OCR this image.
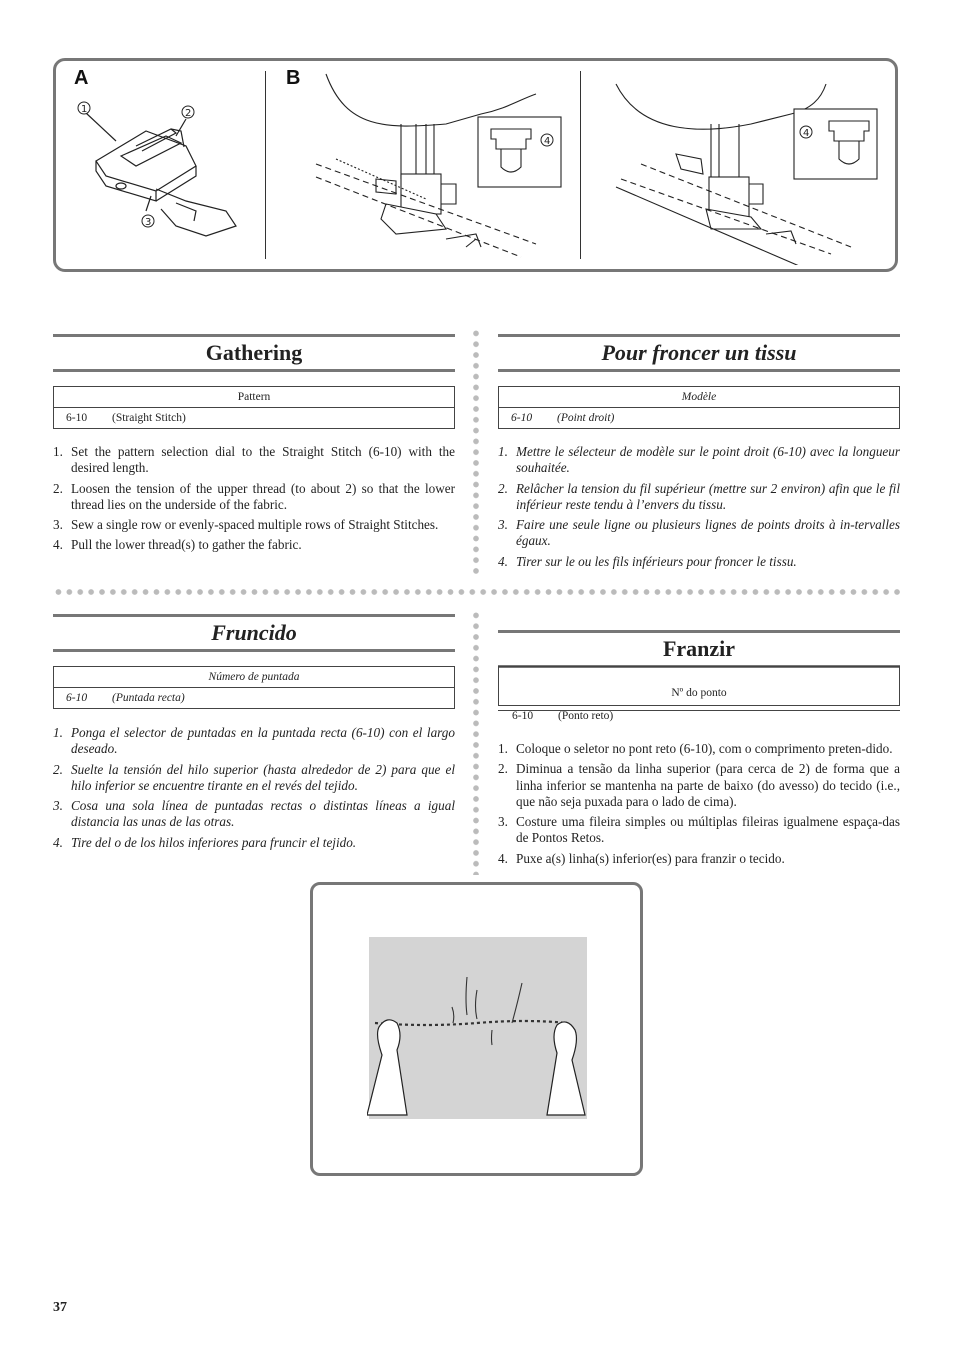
A	B
1	2
3
4
4
Gathering
Pattern
6-10 (Straight Stitch)
1. Set the pattern selection dial to the Straight Stitch (6-10) with the desired length.
2. Loosen the tension of the upper thread (to about 2) so that the lower thread lies on the underside of the fabric.
3. Sew a single row or evenly-spaced multiple rows of Straight Stitches.
4. Pull the lower thread(s) to gather the fabric.
Pour froncer un tissu
Modèle
6-10 (Point droit)
1. Mettre le sélecteur de modèle sur le point droit (6-10) avec la longueur souhaitée.
2. Relâcher la tension du fil supérieur (mettre sur 2 environ) afin que le fil inférieur reste tendu à l’envers du tissu.
3. Faire une seule ligne ou plusieurs lignes de points droits à in-tervalles égaux.
4. Tirer sur le ou les fils inférieurs pour froncer le tissu.
Fruncido
Número de puntada
6-10 (Puntada recta)
1. Ponga el selector de puntadas en la puntada recta (6-10) con el largo deseado.
2. Suelte la tensión del hilo superior (hasta alrededor de 2) para que el hilo inferior se encuentre tirante en el revés del tejido.
3. Cosa una sola línea de puntadas rectas o distintas líneas a igual distancia las unas de las otras.
4. Tire del o de los hilos inferiores para fruncir el tejido.
Franzir
Nº do ponto
6-10 (Ponto reto)
1. Coloque o seletor no pont reto (6-10), com o comprimento preten-dido.
2. Diminua a tensão da linha superior (para cerca de 2) de forma que a linha inferior se mantenha na parte de baixo (do avesso) do tecido (i.e., que não seja puxada para o lado de cima).
3. Costure uma fileira simples ou múltiplas fileiras igualmene espaça-das de Pontos Retos.
4. Puxe a(s) linha(s) inferior(es) para franzir o tecido.
37
